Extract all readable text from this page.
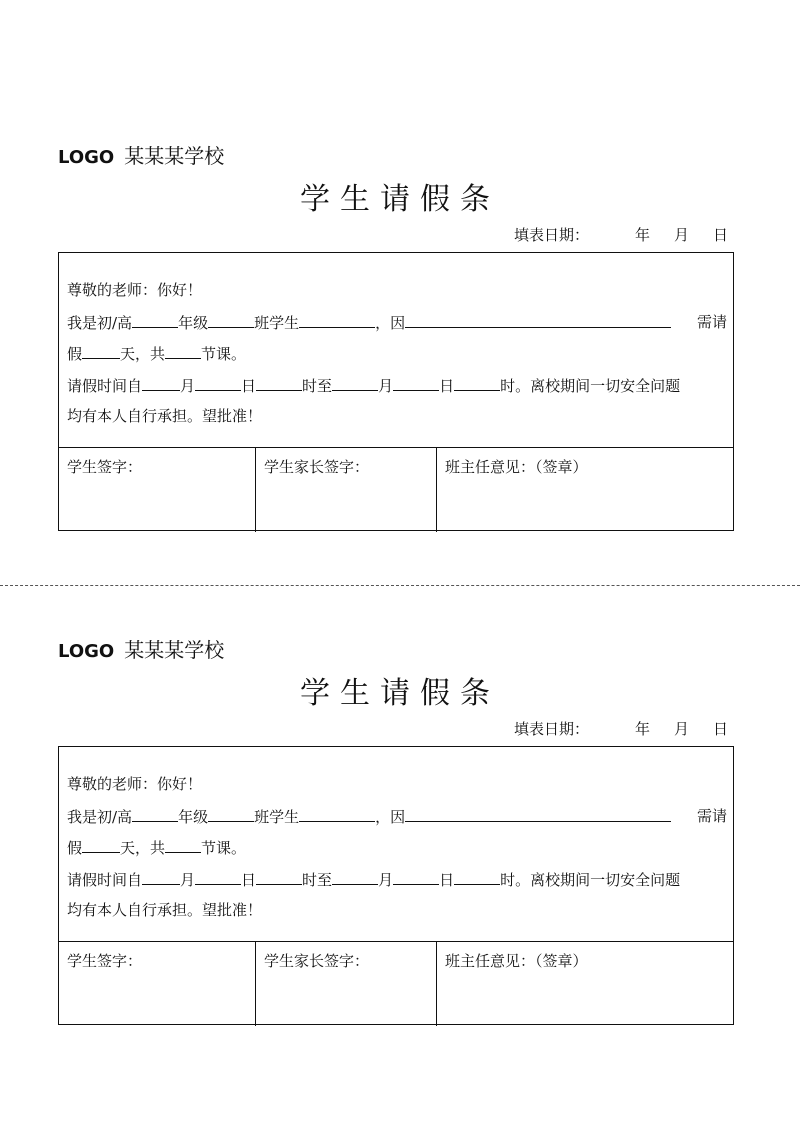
LOGO 某某某学校
学生请假条
填表日期：	年 月 日
尊敬的老师：你好！
我是初/高	年级	班学生	，因	需请
假	天，共 节课。
请假时间自	月	日	时至	月	日	时。离校期间一切安全问题
均有本人自行承担。望批准！
学生签字：	学生家长签字：	班主任意见：（签章）
LOGO 某某某学校
学生请假条
填表日期：	年 月 日
尊敬的老师：你好！
我是初/高	年级	班学生	，因	需请
假	天，共 节课。
请假时间自	月	日	时至	月	日	时。离校期间一切安全问题
均有本人自行承担。望批准！
学生签字：	学生家长签字：	班主任意见：（签章）
